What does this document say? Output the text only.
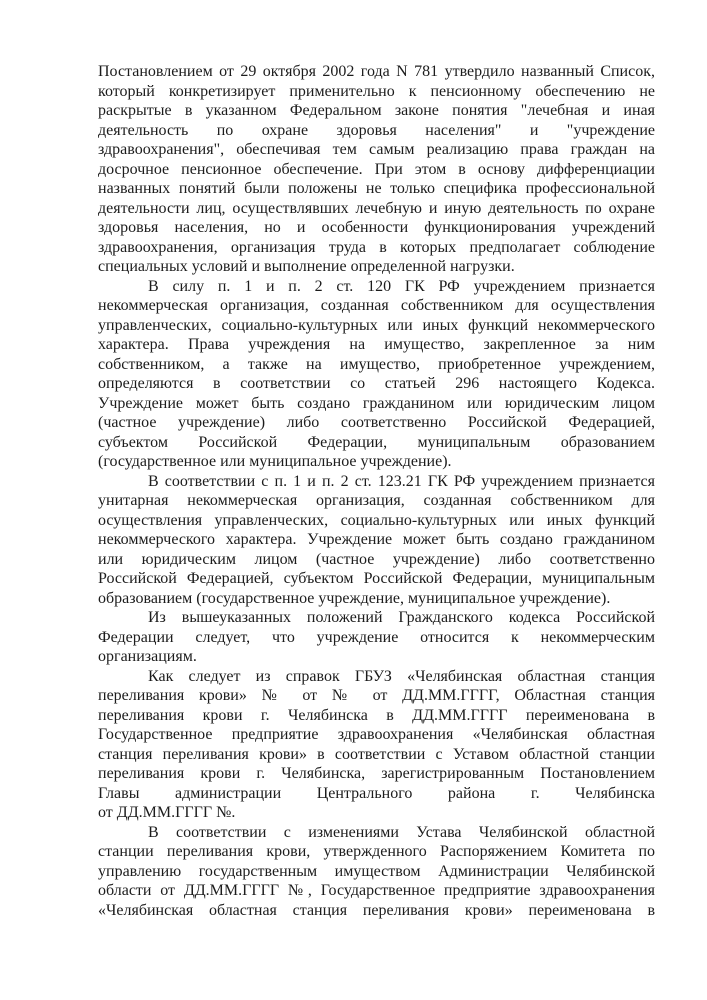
Постановлением от 29 октября 2002 года N 781 утвердило названный Список,
который конкретизирует применительно к пенсионному обеспечению не
раскрытые в указанном Федеральном законе понятия "лечебная и иная
деятельность по охране здоровья населения" и "учреждение
здравоохранения", обеспечивая тем самым реализацию права граждан на
досрочное пенсионное обеспечение. При этом в основу дифференциации
названных понятий были положены не только специфика профессиональной
деятельности лиц, осуществлявших лечебную и иную деятельность по охране
здоровья населения, но и особенности функционирования учреждений
здравоохранения, организация труда в которых предполагает соблюдение
специальных условий и выполнение определенной нагрузки.
В силу п. 1 и п. 2 ст. 120 ГК РФ учреждением признается
некоммерческая организация, созданная собственником для осуществления
управленческих, социально-культурных или иных функций некоммерческого
характера. Права учреждения на имущество, закрепленное за ним
собственником, а также на имущество, приобретенное учреждением,
определяются в соответствии со статьей 296 настоящего Кодекса.
Учреждение может быть создано гражданином или юридическим лицом
(частное учреждение) либо соответственно Российской Федерацией,
субъектом Российской Федерации, муниципальным образованием
(государственное или муниципальное учреждение).
В соответствии с п. 1 и п. 2 ст. 123.21 ГК РФ учреждением признается
унитарная некоммерческая организация, созданная собственником для
осуществления управленческих, социально-культурных или иных функций
некоммерческого характера. Учреждение может быть создано гражданином
или юридическим лицом (частное учреждение) либо соответственно
Российской Федерацией, субъектом Российской Федерации, муниципальным
образованием (государственное учреждение, муниципальное учреждение).
Из вышеуказанных положений Гражданского кодекса Российской
Федерации следует, что учреждение относится к некоммерческим
организациям.
Как следует из справок ГБУЗ «Челябинская областная станция
переливания крови» № от № от ДД.ММ.ГГГГ, Областная станция
переливания крови г. Челябинска в ДД.ММ.ГГГГ переименована в
Государственное предприятие здравоохранения «Челябинская областная
станция переливания крови» в соответствии с Уставом областной станции
переливания крови г. Челябинска, зарегистрированным Постановлением
Главы администрации Центрального района г. Челябинска
от ДД.ММ.ГГГГ №.
В соответствии с изменениями Устава Челябинской областной
станции переливания крови, утвержденного Распоряжением Комитета по
управлению государственным имуществом Администрации Челябинской
области от ДД.ММ.ГГГГ №, Государственное предприятие здравоохранения
«Челябинская областная станция переливания крови» переименована в
